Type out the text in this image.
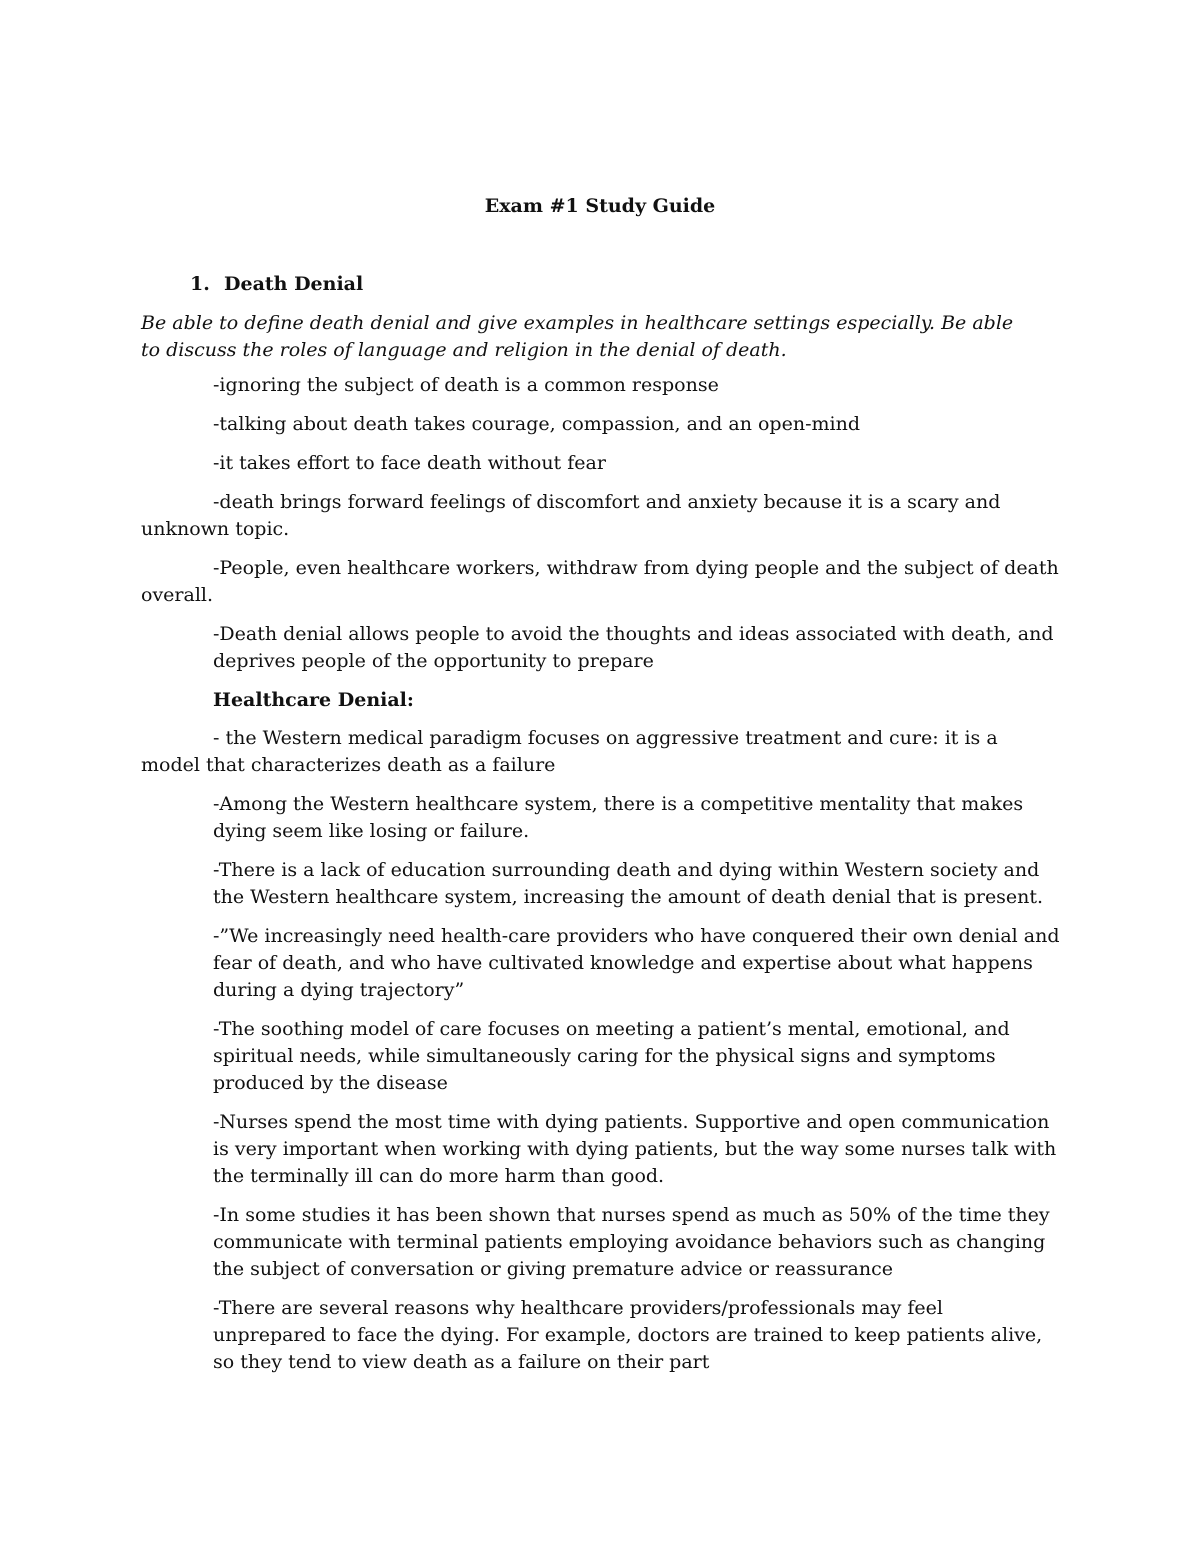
Exam #1 Study Guide
1. Death Denial

Be able to define death denial and give examples in healthcare settings especially. Be able to discuss the roles of language and religion in the denial of death.

-ignoring the subject of death is a common response

-talking about death takes courage, compassion, and an open-mind

-it takes effort to face death without fear

-death brings forward feelings of discomfort and anxiety because it is a scary and unknown topic.

-People, even healthcare workers, withdraw from dying people and the subject of death overall.

-Death denial allows people to avoid the thoughts and ideas associated with death, and deprives people of the opportunity to prepare

Healthcare Denial:

- the Western medical paradigm focuses on aggressive treatment and cure: it is a model that characterizes death as a failure

-Among the Western healthcare system, there is a competitive mentality that makes dying seem like losing or failure.

-There is a lack of education surrounding death and dying within Western society and the Western healthcare system, increasing the amount of death denial that is present.

-”We increasingly need health-care providers who have conquered their own denial and fear of death, and who have cultivated knowledge and expertise about what happens during a dying trajectory”

-The soothing model of care focuses on meeting a patient’s mental, emotional, and spiritual needs, while simultaneously caring for the physical signs and symptoms produced by the disease

-Nurses spend the most time with dying patients. Supportive and open communication is very important when working with dying patients, but the way some nurses talk with the terminally ill can do more harm than good.

-In some studies it has been shown that nurses spend as much as 50% of the time they communicate with terminal patients employing avoidance behaviors such as changing the subject of conversation or giving premature advice or reassurance

-There are several reasons why healthcare providers/professionals may feel unprepared to face the dying. For example, doctors are trained to keep patients alive, so they tend to view death as a failure on their part
